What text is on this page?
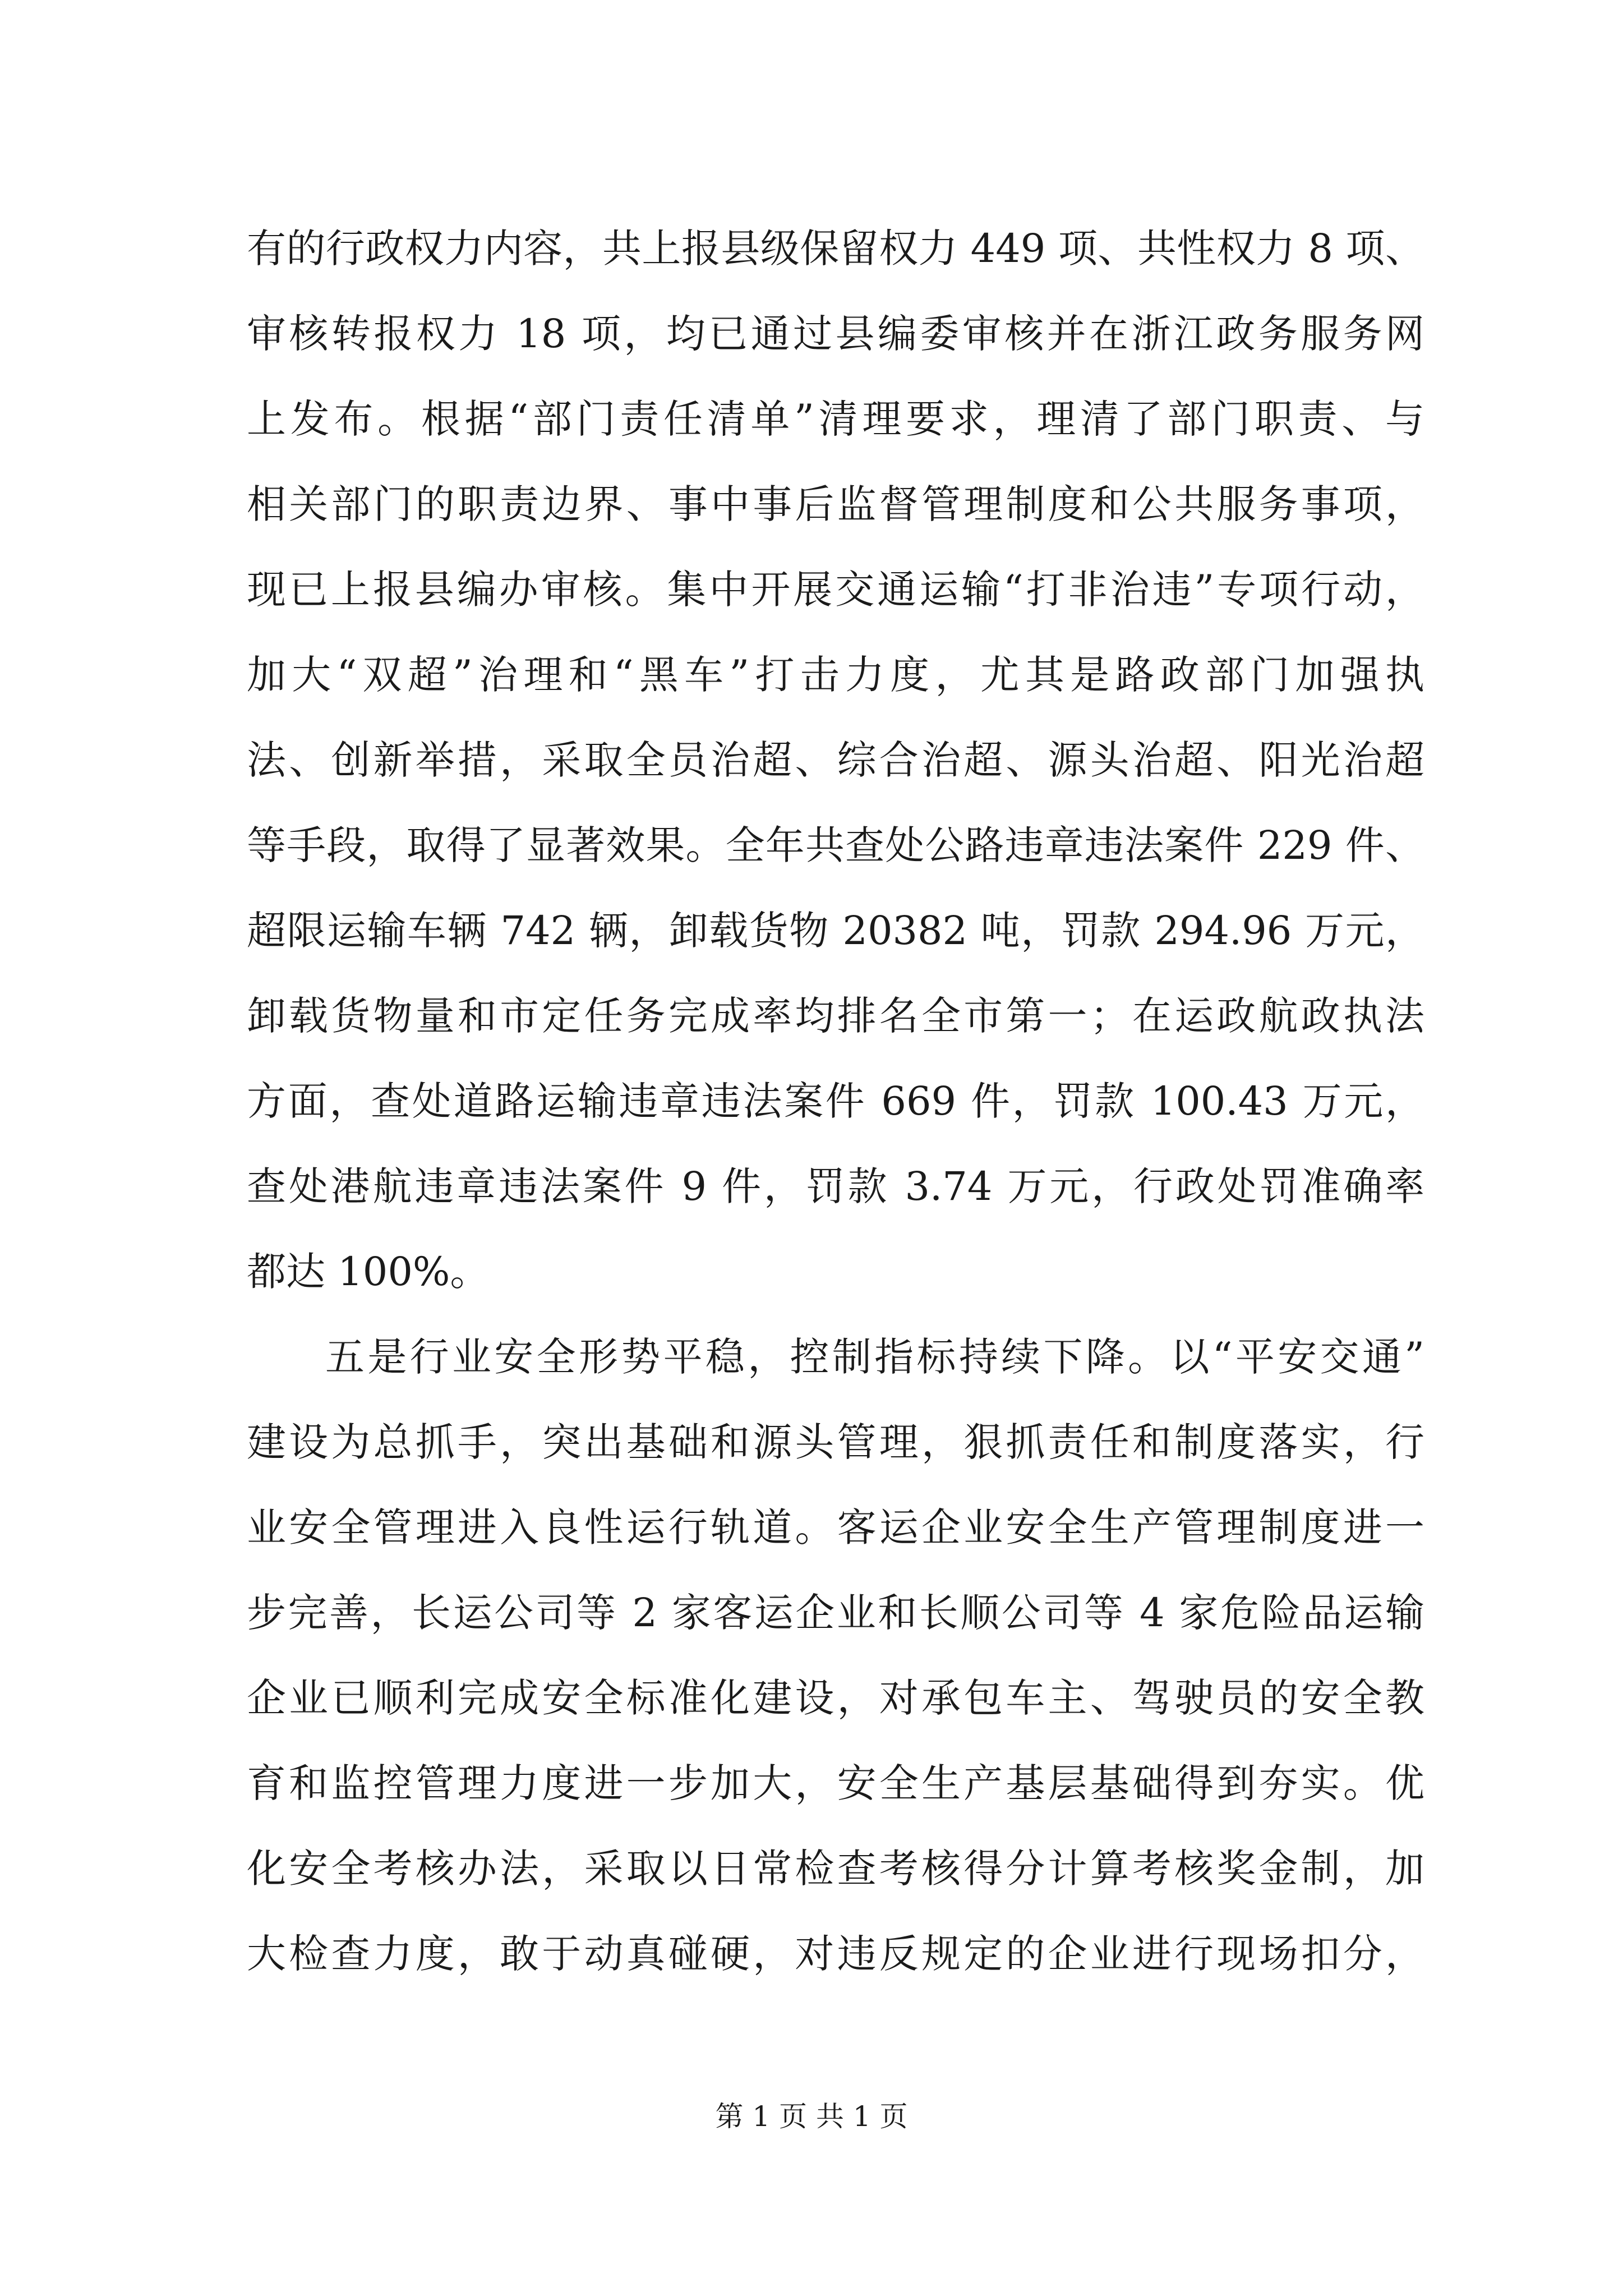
有的行政权力内容，共上报县级保留权力 449 项、共性权力 8 项、
审核转报权力 18 项，均已通过县编委审核并在浙江政务服务网
上发布。根据“部门责任清单”清理要求，理清了部门职责、与
相关部门的职责边界、事中事后监督管理制度和公共服务事项，
现已上报县编办审核。集中开展交通运输“打非治违”专项行动，
加大“双超”治理和“黑车”打击力度，尤其是路政部门加强执
法、创新举措，采取全员治超、综合治超、源头治超、阳光治超
等手段，取得了显著效果。全年共查处公路违章违法案件 229 件、
超限运输车辆 742 辆，卸载货物 20382 吨，罚款 294.96 万元，
卸载货物量和市定任务完成率均排名全市第一；在运政航政执法
方面，查处道路运输违章违法案件 669 件，罚款 100.43 万元，
查处港航违章违法案件 9 件，罚款 3.74 万元，行政处罚准确率
都达 100%。
五是行业安全形势平稳，控制指标持续下降。以“平安交通”
建设为总抓手，突出基础和源头管理，狠抓责任和制度落实，行
业安全管理进入良性运行轨道。客运企业安全生产管理制度进一
步完善，长运公司等 2 家客运企业和长顺公司等 4 家危险品运输
企业已顺利完成安全标准化建设，对承包车主、驾驶员的安全教
育和监控管理力度进一步加大，安全生产基层基础得到夯实。优
化安全考核办法，采取以日常检查考核得分计算考核奖金制，加
大检查力度，敢于动真碰硬，对违反规定的企业进行现场扣分，
第 1 页 共 1 页
